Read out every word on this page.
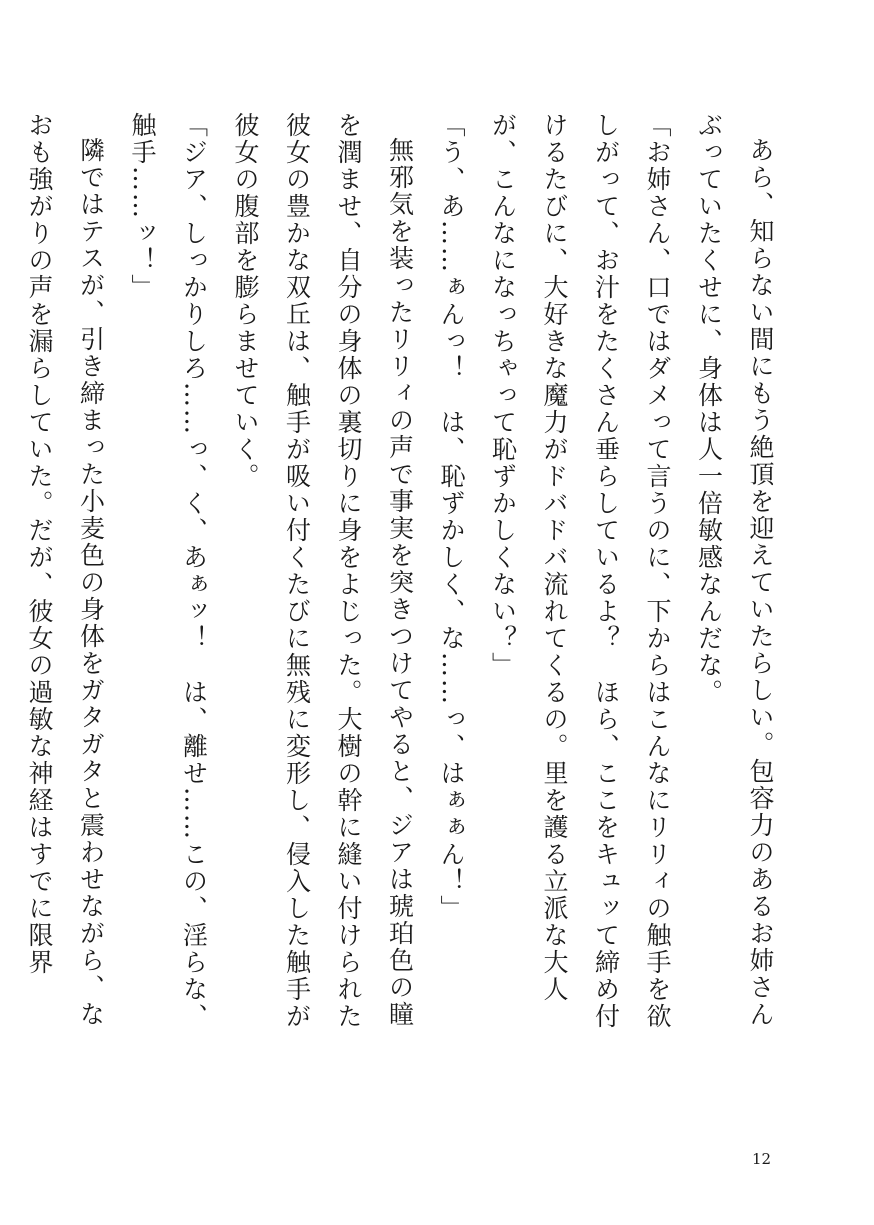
あら、知らない間にもう絶頂を迎えていたらしい。包容力のあるお姉さんぶっていたくせに、身体は人一倍敏感なんだな。

「お姉さん、口ではダメって言うのに、下からはこんなにリリィの触手を欲しがって、お汁をたくさん垂らしているよ？　ほら、ここをキュッて締め付けるたびに、大好きな魔力がドバドバ流れてくるの。里を護る立派な大人が、こんなになっちゃって恥ずかしくない？」

「う、あ……ぁんっ！　は、恥ずかしく、な……っ、はぁぁん！」

無邪気を装ったリリィの声で事実を突きつけてやると、ジアは琥珀色の瞳を潤ませ、自分の身体の裏切りに身をよじった。大樹の幹に縫い付けられた彼女の豊かな双丘は、触手が吸い付くたびに無残に変形し、侵入した触手が彼女の腹部を膨らませていく。

「ジア、しっかりしろ……っ、く、あぁッ！　は、離せ……この、淫らな、触手……ッ！」

隣ではテスが、引き締まった小麦色の身体をガタガタと震わせながら、なおも強がりの声を漏らしていた。だが、彼女の過敏な神経はすでに限界

12
